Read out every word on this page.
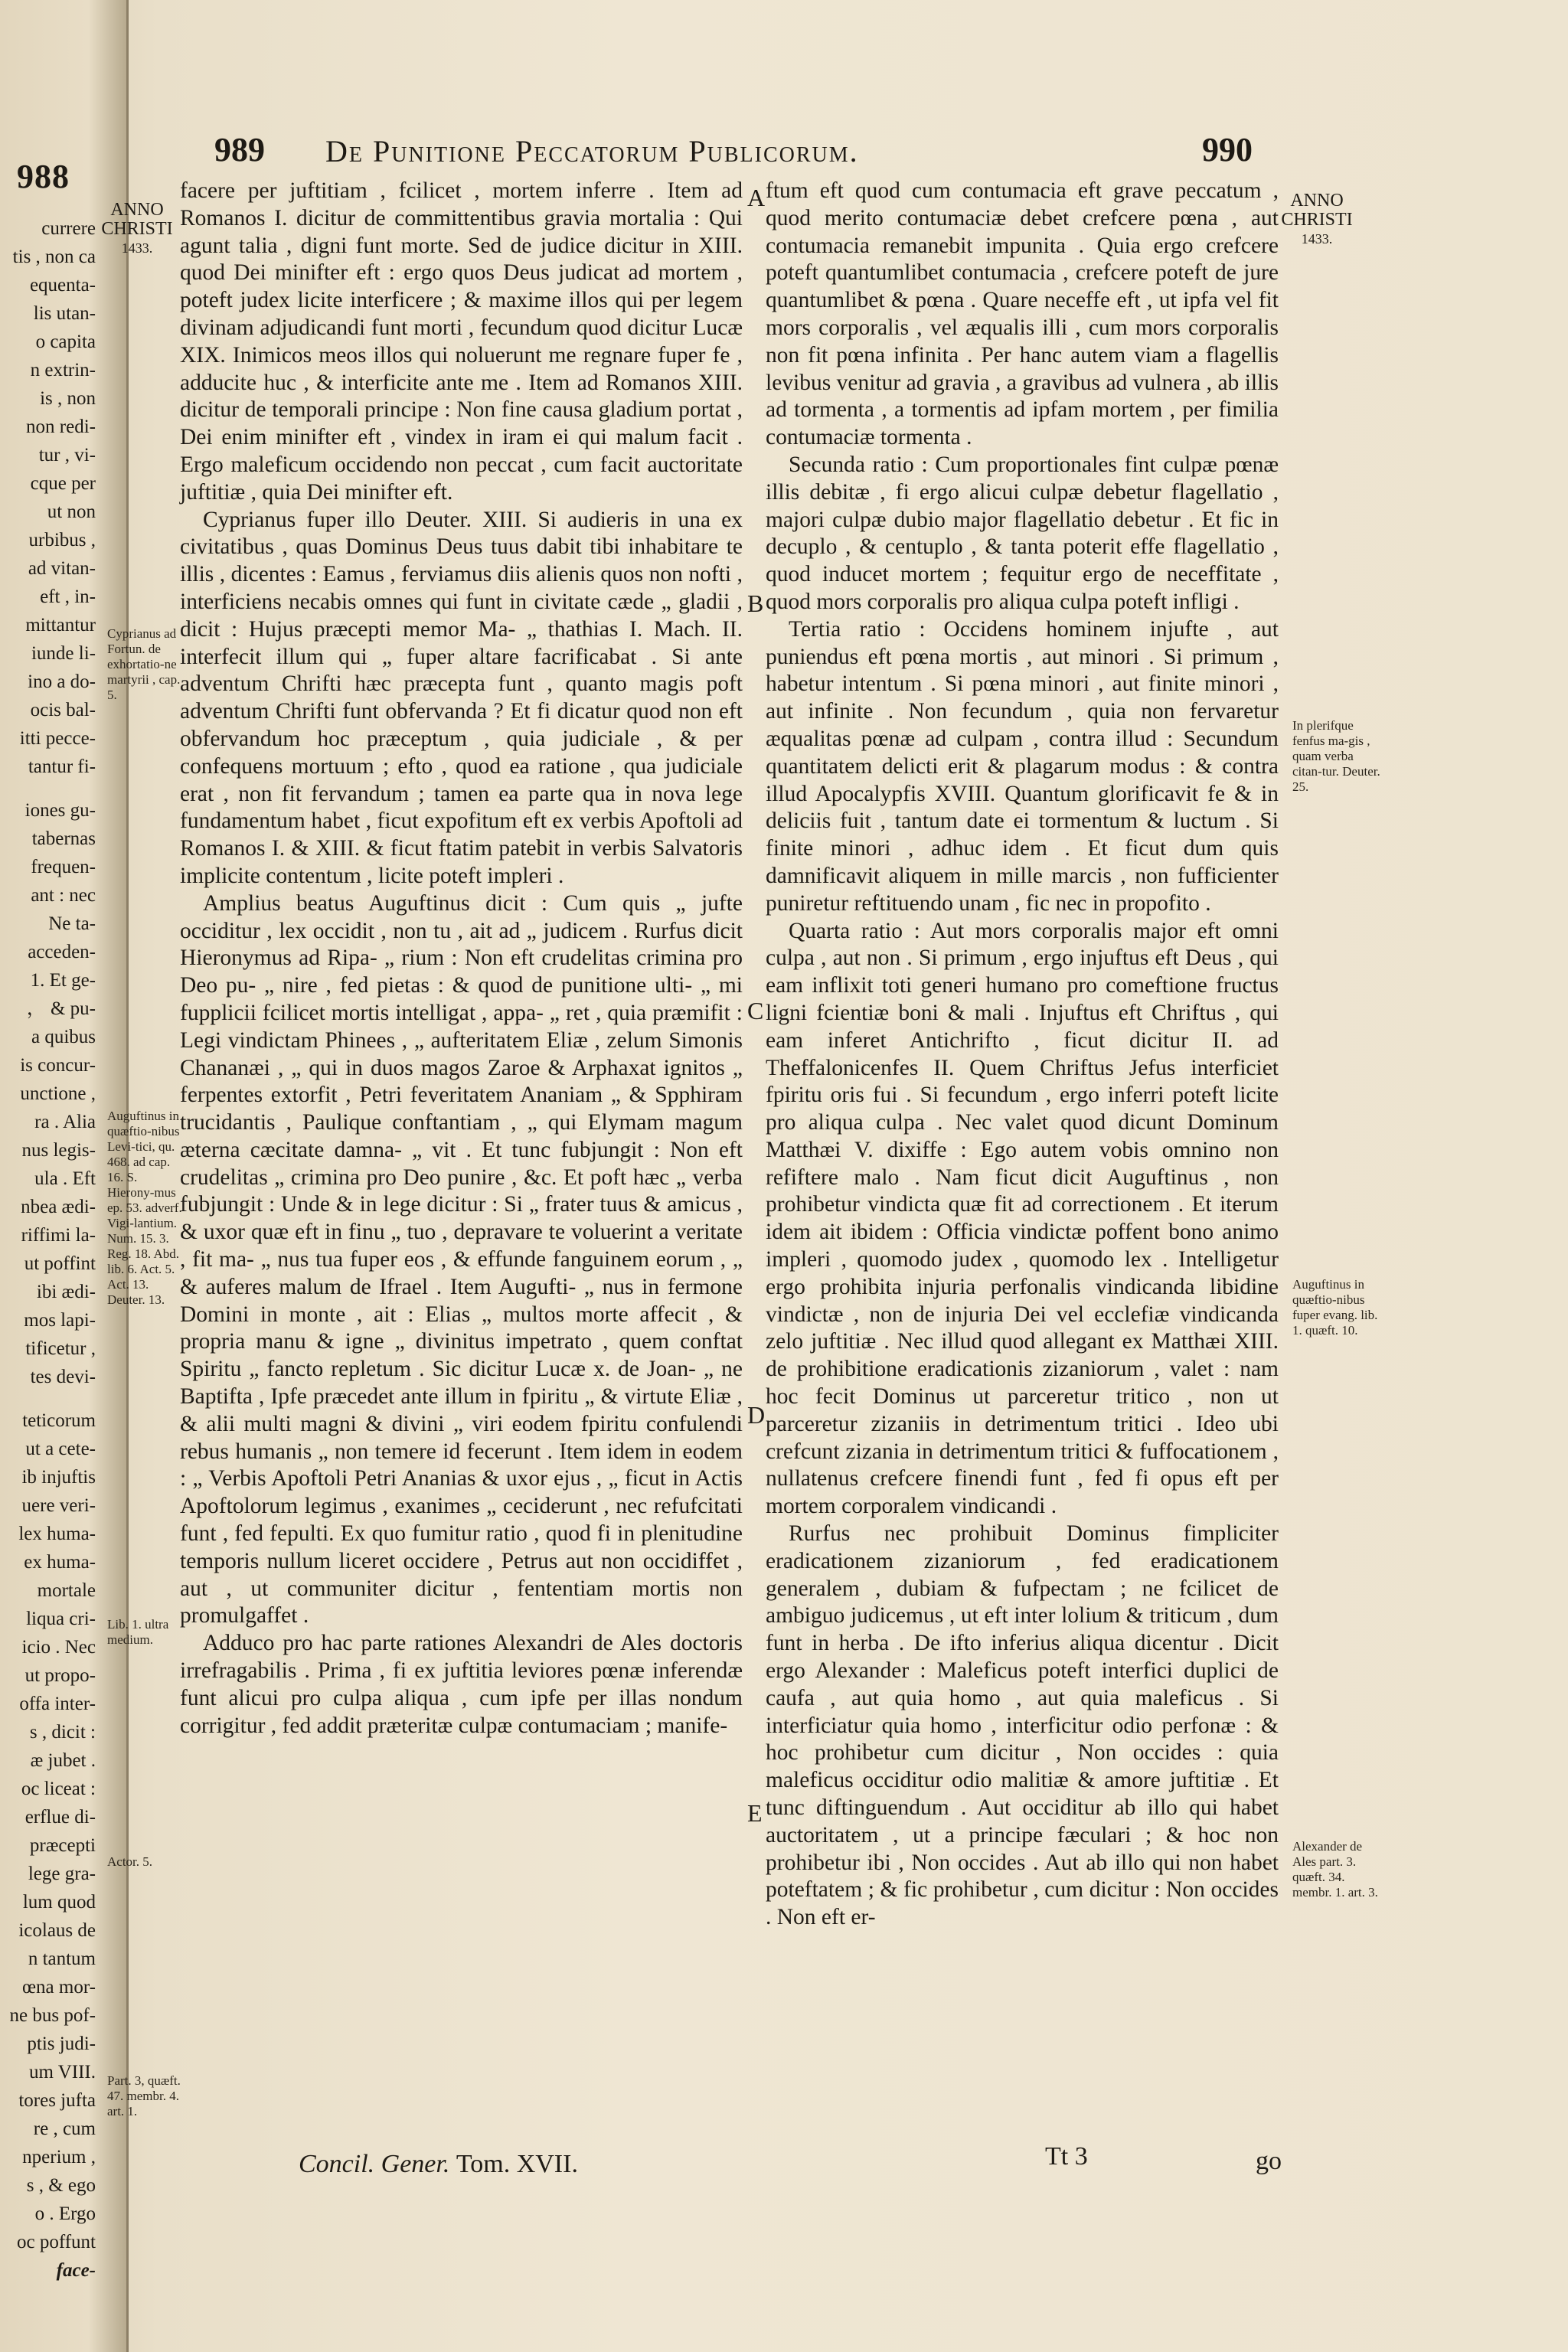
988
currere
tis , non ca
equenta-
lis utan-
o capita
n extrin-
is , non
non redi-
tur , vi-
cque per
ut non
urbibus ,
ad vitan-
eft , in-
mittantur
iunde li-
ino a do-
ocis bal-
itti pecce-
tantur fi-
iones gu-
tabernas
frequen-
ant : nec
Ne ta-
acceden-
1. Et ge-
， & pu-
a quibus
is concur-
unctione ,
ra . Alia
nus legis-
ula . Eft
nbea ædi-
riffimi la-
ut poffint
ibi ædi-
mos lapi-
tificetur ,
tes devi-
teticorum
ut a cete-
ib injuftis
uere veri-
lex huma-
ex huma-
mortale
liqua cri-
icio . Nec
ut propo-
offa inter-
s , dicit :
æ jubet .
oc liceat :
erflue di-
præcepti
lege gra-
lum quod
icolaus de
n tantum
œna mor-
ne bus pof-
ptis judi-
um VIII.
tores jufta
re , cum
nperium ,
s , & ego
o . Ergo
oc poffunt
face-
989 De Punitione Peccatorum Publicorum.	990
ANNO
CHRISTI
1433.
ANNO
CHRISTI
1433.

facere per juftitiam , fcilicet , mortem inferre . Item ad Romanos I. dicitur de committentibus gravia mortalia : Qui agunt talia , digni funt morte. Sed de judice dicitur in XIII. quod Dei minifter eft : ergo quos Deus judicat ad mortem , poteft judex licite interficere ; & maxime illos qui per legem divinam adjudicandi funt morti , fecundum quod dicitur Lucæ XIX. Inimicos meos illos qui noluerunt me regnare fuper fe , adducite huc , & interficite ante me . Item ad Romanos XIII. dicitur de temporali principe : Non fine causa gladium portat , Dei enim minifter eft , vindex in iram ei qui malum facit . Ergo maleficum occidendo non peccat , cum facit auctoritate juftitiæ , quia Dei minifter eft.

Cyprianus fuper illo Deuter. XIII. Si audieris in una ex civitatibus , quas Dominus Deus tuus dabit tibi inhabitare te illis , dicentes : Eamus , ferviamus diis alienis quos non nofti , interficiens necabis omnes qui funt in civitate cæde „ gladii , dicit : Hujus præcepti memor Ma- „ thathias I. Mach. II. interfecit illum qui „ fuper altare facrificabat . Si ante adventum Chrifti hæc præcepta funt , quanto magis poft adventum Chrifti funt obfervanda ? Et fi dicatur quod non eft obfervandum hoc præceptum , quia judiciale , & per confequens mortuum ; efto , quod ea ratione , qua judiciale erat , non fit fervandum ; tamen ea parte qua in nova lege fundamentum habet , ficut expofitum eft ex verbis Apoftoli ad Romanos I. & XIII. & ficut ftatim patebit in verbis Salvatoris implicite contentum , licite poteft impleri .

Amplius beatus Auguftinus dicit : Cum quis „ jufte occiditur , lex occidit , non tu , ait ad „ judicem . Rurfus dicit Hieronymus ad Ripa- „ rium : Non eft crudelitas crimina pro Deo pu- „ nire , fed pietas : & quod de punitione ulti- „ mi fupplicii fcilicet mortis intelligat , appa- „ ret , quia præmifit : Legi vindictam Phinees , „ aufteritatem Eliæ , zelum Simonis Chananæi , „ qui in duos magos Zaroe & Arphaxat ignitos „ ferpentes extorfit , Petri feveritatem Ananiam „ & Spphiram trucidantis , Paulique conftantiam , „ qui Elymam magum æterna cæcitate damna- „ vit . Et tunc fubjungit : Non eft crudelitas „ crimina pro Deo punire , &c. Et poft hæc „ verba fubjungit : Unde & in lege dicitur : Si „ frater tuus & amicus , & uxor quæ eft in finu „ tuo , depravare te voluerint a veritate , fit ma- „ nus tua fuper eos , & effunde fanguinem eorum , „ & auferes malum de Ifrael . Item Augufti- „ nus in fermone Domini in monte , ait : Elias „ multos morte affecit , & propria manu & igne „ divinitus impetrato , quem conftat Spiritu „ fancto repletum . Sic dicitur Lucæ x. de Joan- „ ne Baptifta , Ipfe præcedet ante illum in fpiritu „ & virtute Eliæ , & alii multi magni & divini „ viri eodem fpiritu confulendi rebus humanis „ non temere id fecerunt . Item idem in eodem : „ Verbis Apoftoli Petri Ananias & uxor ejus , „ ficut in Actis Apoftolorum legimus , exanimes „ ceciderunt , nec refufcitati funt , fed fepulti. Ex quo fumitur ratio , quod fi in plenitudine temporis nullum liceret occidere , Petrus aut non occidiffet , aut , ut communiter dicitur , fententiam mortis non promulgaffet .

Adduco pro hac parte rationes Alexandri de Ales doctoris irrefragabilis . Prima , fi ex juftitia leviores pœnæ inferendæ funt alicui pro culpa aliqua , cum ipfe per illas nondum corrigitur , fed addit præteritæ culpæ contumaciam ; manife-

ftum eft quod cum contumacia eft grave peccatum , quod merito contumaciæ debet crefcere pœna , aut contumacia remanebit impunita . Quia ergo crefcere poteft quantumlibet contumacia , crefcere poteft de jure quantumlibet & pœna . Quare neceffe eft , ut ipfa vel fit mors corporalis , vel æqualis illi , cum mors corporalis non fit pœna infinita . Per hanc autem viam a flagellis levibus venitur ad gravia , a gravibus ad vulnera , ab illis ad tormenta , a tormentis ad ipfam mortem , per fimilia contumaciæ tormenta .

Secunda ratio : Cum proportionales fint culpæ pœnæ illis debitæ , fi ergo alicui culpæ debetur flagellatio , majori culpæ dubio major flagellatio debetur . Et fic in decuplo , & centuplo , & tanta poterit effe flagellatio , quod inducet mortem ; fequitur ergo de neceffitate , quod mors corporalis pro aliqua culpa poteft infligi .

Tertia ratio : Occidens hominem injufte , aut puniendus eft pœna mortis , aut minori . Si primum , habetur intentum . Si pœna minori , aut finite minori , aut infinite . Non fecundum , quia non fervaretur æqualitas pœnæ ad culpam , contra illud : Secundum quantitatem delicti erit & plagarum modus : & contra illud Apocalypfis XVIII. Quantum glorificavit fe & in deliciis fuit , tantum date ei tormentum & luctum . Si finite minori , adhuc idem . Et ficut dum quis damnificavit aliquem in mille marcis , non fufficienter puniretur reftituendo unam , fic nec in propofito .

Quarta ratio : Aut mors corporalis major eft omni culpa , aut non . Si primum , ergo injuftus eft Deus , qui eam inflixit toti generi humano pro comeftione fructus ligni fcientiæ boni & mali . Injuftus eft Chriftus , qui eam inferet Antichrifto , ficut dicitur II. ad Theffalonicenfes II. Quem Chriftus Jefus interficiet fpiritu oris fui . Si fecundum , ergo inferri poteft licite pro aliqua culpa . Nec valet quod dicunt Dominum Matthæi V. dixiffe : Ego autem vobis omnino non refiftere malo . Nam ficut dicit Auguftinus , non prohibetur vindicta quæ fit ad correctionem . Et iterum idem ait ibidem : Officia vindictæ poffent bono animo impleri , quomodo judex , quomodo lex . Intelligetur ergo prohibita injuria perfonalis vindicanda libidine vindictæ , non de injuria Dei vel ecclefiæ vindicanda zelo juftitiæ . Nec illud quod allegant ex Matthæi XIII. de prohibitione eradicationis zizaniorum , valet : nam hoc fecit Dominus ut parceretur tritico , non ut parceretur zizaniis in detrimentum tritici . Ideo ubi crefcunt zizania in detrimentum tritici & fuffocationem , nullatenus crefcere finendi funt , fed fi opus eft per mortem corporalem vindicandi .

Rurfus nec prohibuit Dominus fimpliciter eradicationem zizaniorum , fed eradicationem generalem , dubiam & fufpectam ; ne fcilicet de ambiguo judicemus , ut eft inter lolium & triticum , dum funt in herba . De ifto inferius aliqua dicentur . Dicit ergo Alexander : Maleficus poteft interfici duplici de caufa , aut quia homo , aut quia maleficus . Si interficiatur quia homo , interficitur odio perfonæ : & hoc prohibetur cum dicitur , Non occides : quia maleficus occiditur odio malitiæ & amore juftitiæ . Et tunc diftinguendum . Aut occiditur ab illo qui habet auctoritatem , ut a principe fæculari ; & hoc non prohibetur ibi , Non occides . Aut ab illo qui non habet poteftatem ; & fic prohibetur , cum dicitur : Non occides . Non eft er-

Cyprianus ad Fortun. de exhortatio-ne martyrii , cap. 5.
Auguftinus in quæftio-nibus Levi-tici, qu. 468. ad cap. 16. S. Hierony-mus ep. 53. adverf. Vigi-lantium. Num. 15. 3. Reg. 18. Abd. lib. 6. Act. 5. Act. 13. Deuter. 13.
Lib. 1. ultra medium.
Actor. 5.
Part. 3, quæft. 47. membr. 4. art. 1.
In plerifque fenfus ma-gis , quam verba citan-tur. Deuter. 25.
Auguftinus in quæftio-nibus fuper evang. lib. 1. quæft. 10.
Alexander de Ales part. 3. quæft. 34. membr. 1. art. 3.
A
B
C
D
E
Concil. Gener. Tom. XVII.	Tt 3	go
